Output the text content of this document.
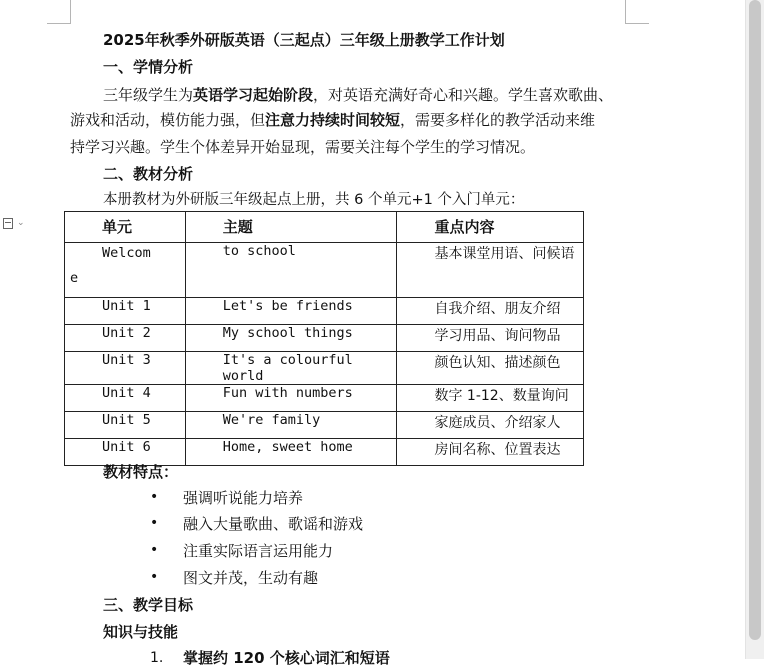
⌄
2025年秋季外研版英语（三起点）三年级上册教学工作计划
一、学情分析
三年级学生为英语学习起始阶段，对英语充满好奇心和兴趣。学生喜欢歌曲、
游戏和活动，模仿能力强，但注意力持续时间较短，需要多样化的教学活动来维
持学习兴趣。学生个体差异开始显现，需要关注每个学生的学习情况。
二、教材分析
本册教材为外研版三年级起点上册，共 6 个单元+1 个入门单元：
单元	主题	重点内容

Welcom
e	to school	基本课堂用语、问候语
Unit 1	Let's be friends	自我介绍、朋友介绍
Unit 2	My school things	学习用品、询问物品
Unit 3	It's a colourful world	颜色认知、描述颜色
Unit 4	Fun with numbers	数字 1-12、数量询问
Unit 5	We're family	家庭成员、介绍家人
Unit 6	Home, sweet home	房间名称、位置表达
教材特点：
• 强调听说能力培养
• 融入大量歌曲、歌谣和游戏
• 注重实际语言运用能力
• 图文并茂，生动有趣
三、教学目标
知识与技能
1. 掌握约 120 个核心词汇和短语
